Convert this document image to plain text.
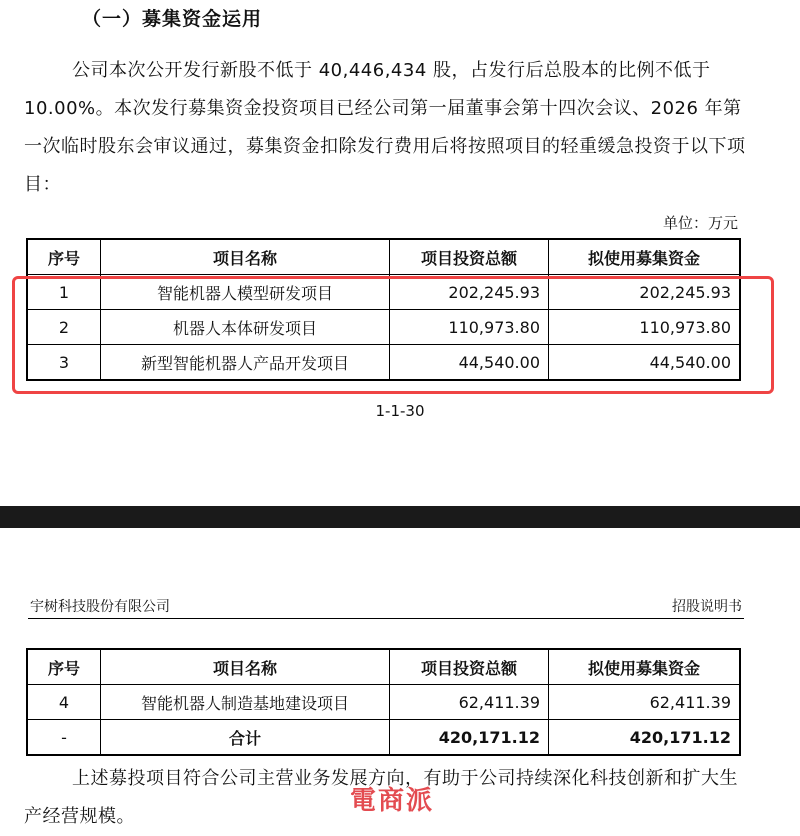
（一）募集资金运用
公司本次公开发行新股不低于 40,446,434 股，占发行后总股本的比例不低于 10.00%。本次发行募集资金投资项目已经公司第一届董事会第十四次会议、2026 年第一次临时股东会审议通过，募集资金扣除发行费用后将按照项目的轻重缓急投资于以下项目：
单位：万元
序号	项目名称	项目投资总额	拟使用募集资金
1	智能机器人模型研发项目	202,245.93	202,245.93
2	机器人本体研发项目	110,973.80	110,973.80
3	新型智能机器人产品开发项目	44,540.00	44,540.00
1-1-30
宇树科技股份有限公司	招股说明书
序号	项目名称	项目投资总额	拟使用募集资金
4	智能机器人制造基地建设项目	62,411.39	62,411.39
-	合计	420,171.12	420,171.12
上述募投项目符合公司主营业务发展方向，有助于公司持续深化科技创新和扩大生产经营规模。
電商派
